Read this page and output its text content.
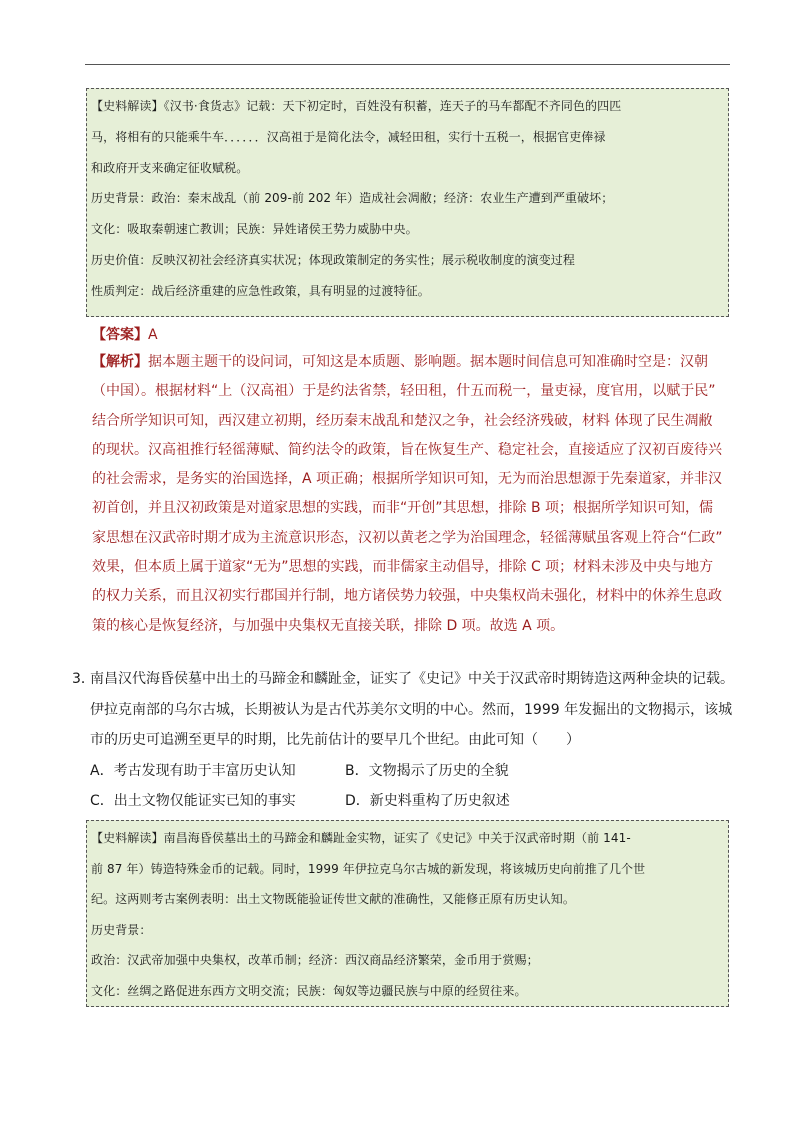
【史料解读】《汉书·食货志》记载：天下初定时，百姓没有积蓄，连天子的马车都配不齐同色的四匹
马，将相有的只能乘牛车．．．．．．汉高祖于是简化法令，减轻田租，实行十五税一，根据官吏俸禄
和政府开支来确定征收赋税。
历史背景：政治：秦末战乱（前 209-前 202 年）造成社会凋敝；经济：农业生产遭到严重破坏；
文化：吸取秦朝速亡教训；民族：异姓诸侯王势力威胁中央。
历史价值：反映汉初社会经济真实状况；体现政策制定的务实性；展示税收制度的演变过程
性质判定：战后经济重建的应急性政策，具有明显的过渡特征。
【答案】A
【解析】据本题主题干的设问词，可知这是本质题、影响题。据本题时间信息可知准确时空是：汉朝
（中国）。根据材料“上（汉高祖）于是约法省禁，轻田租，什五而税一，量吏禄，度官用，以赋于民”
结合所学知识可知，西汉建立初期，经历秦末战乱和楚汉之争，社会经济残破，材料 体现了民生凋敝
的现状。汉高祖推行轻徭薄赋、简约法令的政策，旨在恢复生产、稳定社会，直接适应了汉初百废待兴
的社会需求，是务实的治国选择，A 项正确；根据所学知识可知，无为而治思想源于先秦道家，并非汉
初首创，并且汉初政策是对道家思想的实践，而非“开创”其思想，排除 B 项；根据所学知识可知，儒
家思想在汉武帝时期才成为主流意识形态，汉初以黄老之学为治国理念，轻徭薄赋虽客观上符合“仁政”
效果，但本质上属于道家“无为”思想的实践，而非儒家主动倡导，排除 C 项；材料未涉及中央与地方
的权力关系，而且汉初实行郡国并行制，地方诸侯势力较强，中央集权尚未强化，材料中的休养生息政
策的核心是恢复经济，与加强中央集权无直接关联，排除 D 项。故选 A 项。
3．南昌汉代海昏侯墓中出土的马蹄金和麟趾金，证实了《史记》中关于汉武帝时期铸造这两种金块的记载。
伊拉克南部的乌尔古城，长期被认为是古代苏美尔文明的中心。然而，1999 年发掘出的文物揭示，该城
市的历史可追溯至更早的时期，比先前估计的要早几个世纪。由此可知（　　）
A．考古发现有助于丰富历史认知	B．文物揭示了历史的全貌
C．出土文物仅能证实已知的事实	D．新史料重构了历史叙述
【史料解读】南昌海昏侯墓出土的马蹄金和麟趾金实物，证实了《史记》中关于汉武帝时期（前 141-
前 87 年）铸造特殊金币的记载。同时，1999 年伊拉克乌尔古城的新发现，将该城历史向前推了几个世
纪。这两则考古案例表明：出土文物既能验证传世文献的准确性，又能修正原有历史认知。
历史背景：
政治：汉武帝加强中央集权，改革币制；经济：西汉商品经济繁荣，金币用于赏赐；
文化：丝绸之路促进东西方文明交流；民族：匈奴等边疆民族与中原的经贸往来。
